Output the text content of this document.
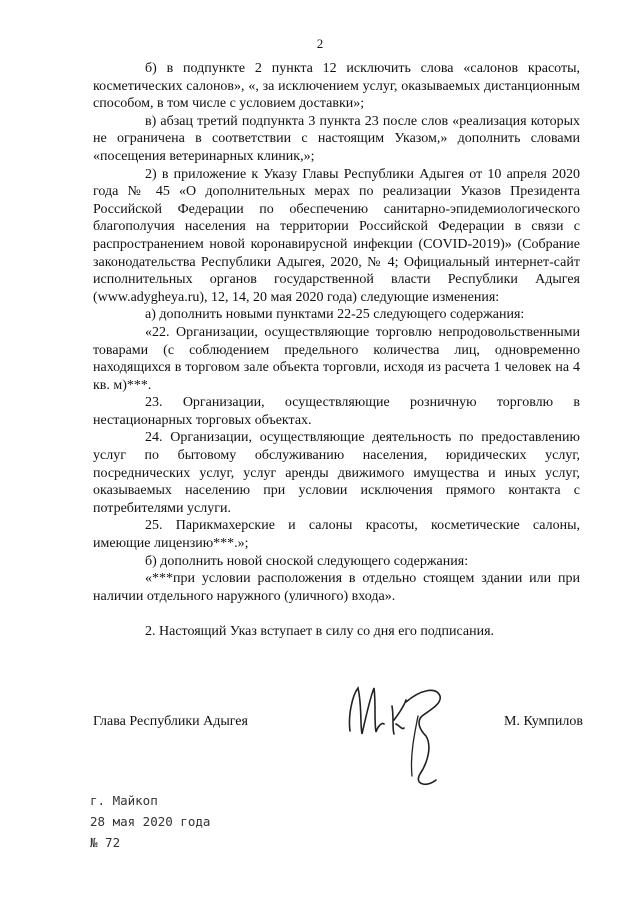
2

б) в подпункте 2 пункта 12 исключить слова «салонов красоты, косметических салонов», «, за исключением услуг, оказываемых дистанционным способом, в том числе с условием доставки»;

в) абзац третий подпункта 3 пункта 23 после слов «реализация которых не ограничена в соответствии с настоящим Указом,» дополнить словами «посещения ветеринарных клиник,»;

2) в приложение к Указу Главы Республики Адыгея от 10 апреля 2020 года № 45 «О дополнительных мерах по реализации Указов Президента Российской Федерации по обеспечению санитарно-эпидемиологического благополучия населения на территории Российской Федерации в связи с распространением новой коронавирусной инфекции (COVID-2019)» (Собрание законодательства Республики Адыгея, 2020, № 4; Официальный интернет-сайт исполнительных органов государственной власти Республики Адыгея (www.adygheya.ru), 12, 14, 20 мая 2020 года) следующие изменения:

а) дополнить новыми пунктами 22-25 следующего содержания:

«22. Организации, осуществляющие торговлю непродовольственными товарами (с соблюдением предельного количества лиц, одновременно находящихся в торговом зале объекта торговли, исходя из расчета 1 человек на 4 кв. м)***.

23. Организации, осуществляющие розничную торговлю в нестационарных торговых объектах.

24. Организации, осуществляющие деятельность по предоставлению услуг по бытовому обслуживанию населения, юридических услуг, посреднических услуг, услуг аренды движимого имущества и иных услуг, оказываемых населению при условии исключения прямого контакта с потребителями услуги.

25. Парикмахерские и салоны красоты, косметические салоны, имеющие лицензию***.»;

б) дополнить новой сноской следующего содержания:

«***при условии расположения в отдельно стоящем здании или при наличии отдельного наружного (уличного) входа».

2. Настоящий Указ вступает в силу со дня его подписания.

Глава Республики Адыгея	М. Кумпилов
г. Майкоп
28 мая 2020 года
№ 72
